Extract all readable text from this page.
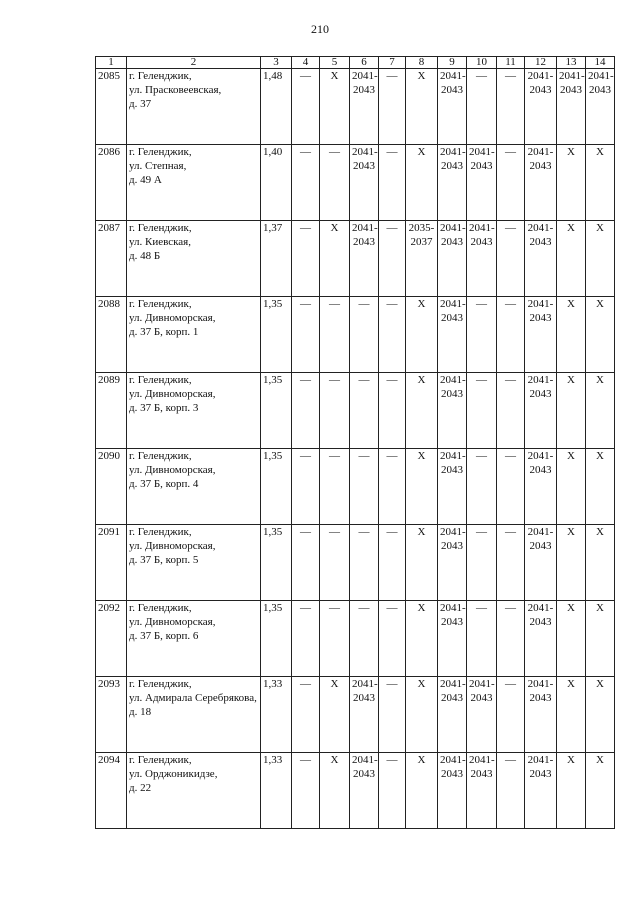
210
1	2	3	4	5	6	7	8	9	10	11	12	13	14
2085	г. Геленджик,
ул. Прасковеевская,
д. 37	1,48	—	Х	2041-
2043	—	Х	2041-
2043	—	—	2041-
2043	2041-
2043	2041-
2043
2086	г. Геленджик,
ул. Степная,
д. 49 А	1,40	—	—	2041-
2043	—	Х	2041-
2043	2041-
2043	—	2041-
2043	Х	Х
2087	г. Геленджик,
ул. Киевская,
д. 48 Б	1,37	—	Х	2041-
2043	—	2035-
2037	2041-
2043	2041-
2043	—	2041-
2043	Х	Х
2088	г. Геленджик,
ул. Дивноморская,
д. 37 Б, корп. 1	1,35	—	—	—	—	Х	2041-
2043	—	—	2041-
2043	Х	Х
2089	г. Геленджик,
ул. Дивноморская,
д. 37 Б, корп. 3	1,35	—	—	—	—	Х	2041-
2043	—	—	2041-
2043	Х	Х
2090	г. Геленджик,
ул. Дивноморская,
д. 37 Б, корп. 4	1,35	—	—	—	—	Х	2041-
2043	—	—	2041-
2043	Х	Х
2091	г. Геленджик,
ул. Дивноморская,
д. 37 Б, корп. 5	1,35	—	—	—	—	Х	2041-
2043	—	—	2041-
2043	Х	Х
2092	г. Геленджик,
ул. Дивноморская,
д. 37 Б, корп. 6	1,35	—	—	—	—	Х	2041-
2043	—	—	2041-
2043	Х	Х
2093	г. Геленджик,
ул. Адмирала Серебрякова,
д. 18	1,33	—	Х	2041-
2043	—	Х	2041-
2043	2041-
2043	—	2041-
2043	Х	Х
2094	г. Геленджик,
ул. Орджоникидзе,
д. 22	1,33	—	Х	2041-
2043	—	Х	2041-
2043	2041-
2043	—	2041-
2043	Х	Х
